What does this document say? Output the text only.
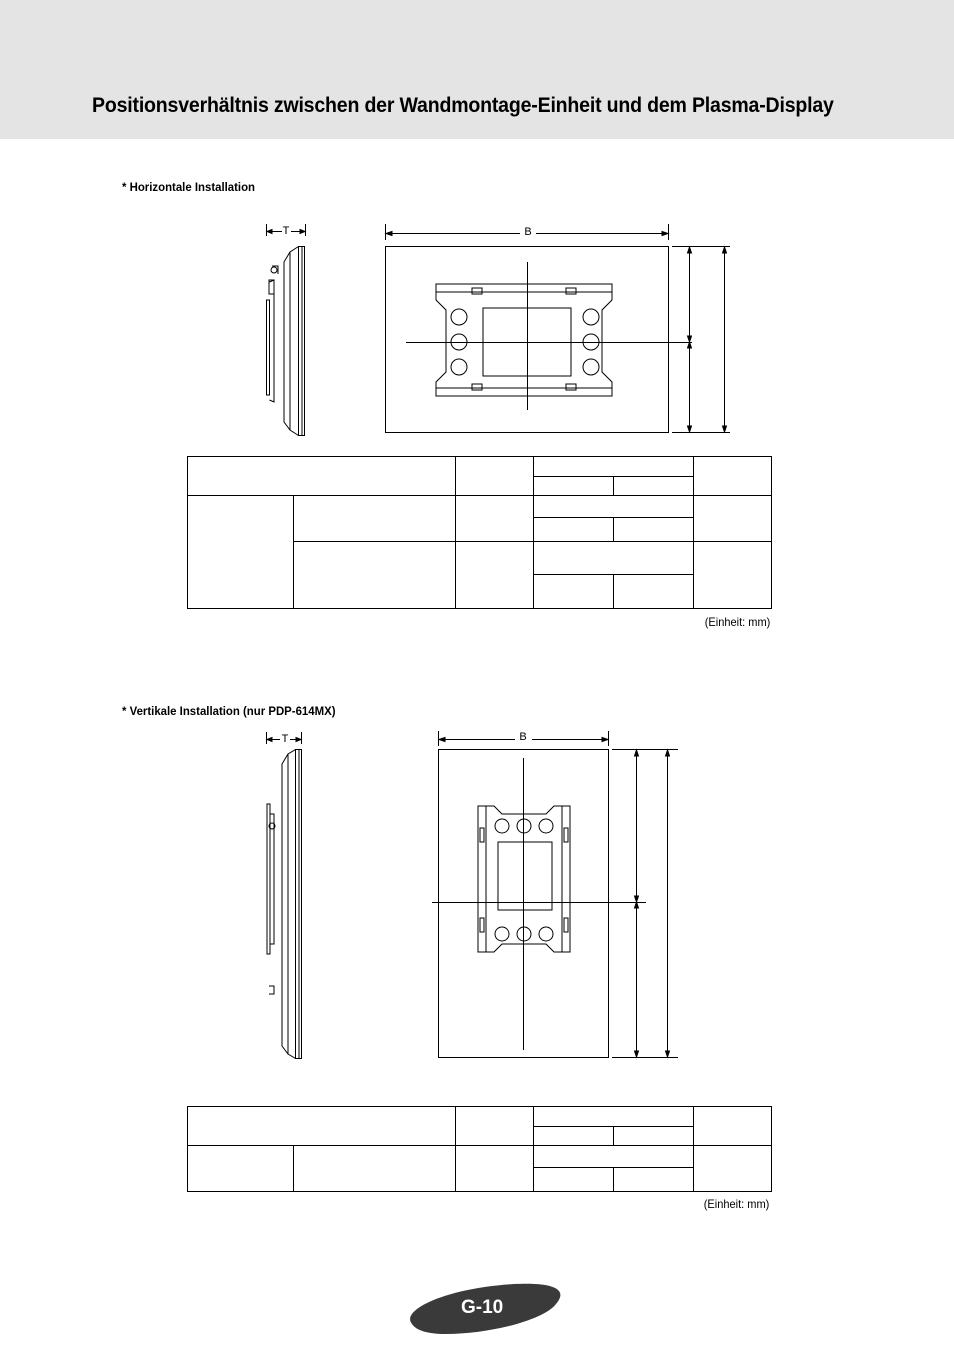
Positionsverhältnis zwischen der Wandmontage-Einheit und dem Plasma-Display

* Horizontale Installation

T	B

(Einheit: mm)

* Vertikale Installation (nur PDP-614MX)

T	B

(Einheit: mm)

G-10
